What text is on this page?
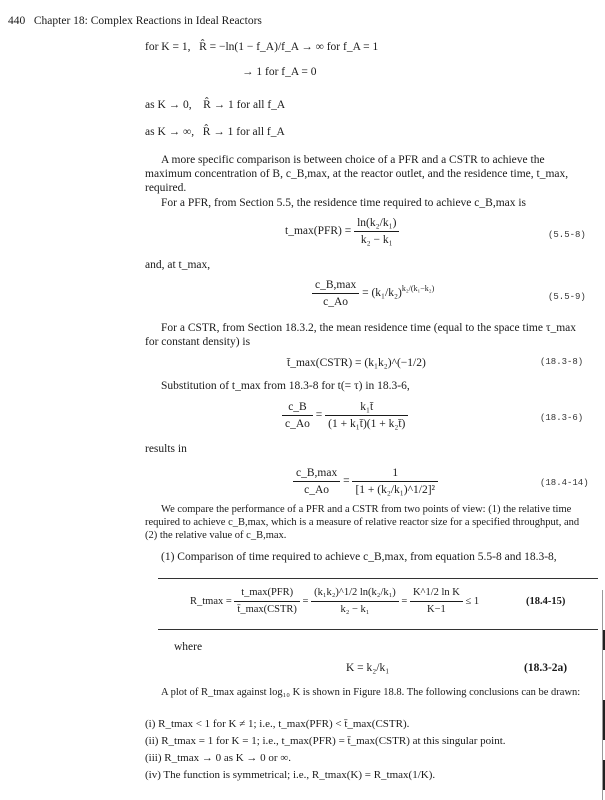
440 Chapter 18: Complex Reactions in Ideal Reactors
for K = 1, R̂ = −ln(1 − f_A)/f_A → ∞ for f_A = 1
→ 1 for f_A = 0
as K → 0, R̂ → 1 for all f_A
as K → ∞, R̂ → 1 for all f_A
A more specific comparison is between choice of a PFR and a CSTR to achieve the maximum concentration of B, c_B,max, at the reactor outlet, and the residence time, t_max, required.
For a PFR, from Section 5.5, the residence time required to achieve c_B,max is
t_max(PFR) = $\frac{\text{ln(k₂/k₁)}}{\text{k₂ − k₁}}$	(5.5-8)
and, at t_max,
$\frac{c\_B,\max}{c\_Ao} = (k_1/k_2)^{k_2/(k_1-k_2)}$
(5.5-9)
For a CSTR, from Section 18.3.2, the mean residence time (equal to the space time τ_max for constant density) is
t̄_max(CSTR) = (k₁k₂)^(−1/2)	(18.3-8)
Substitution of t_max from 18.3-8 for t(= τ) in 18.3-6,
$\frac{c\_B}{c\_Ao} = \frac{\text{k₁t̄}}{\text{(1 + k₁t̄)(1 + k₂t̄)}}$	(18.3-6)
results in
$\frac{c\_B,\max}{c\_Ao} = \frac{1}{\text{[1 + (k₂/k₁)\textasciicircum{}1/2]²}}$	(18.4-14)
We compare the performance of a PFR and a CSTR from two points of view: (1) the relative time required to achieve c_B,max, which is a measure of relative reactor size for a specified throughput, and (2) the relative value of c_B,max.
(1) Comparison of time required to achieve c_B,max, from equation 5.5-8 and 18.3-8,
R_tmax = $\frac{\text{t\_max(PFR)}}{\text{t̄\_max(CSTR)}} = \frac{\text{(k₁k₂)\textasciicircum{}1/2 ln(k₂/k₁)}}{\text{k₂ − k₁}} = \frac{\text{K\textasciicircum{}1/2 ln K}}{K-1} \le 1$	(18.4-15)
where
K = k₂/k₁	(18.3-2a)
A plot of R_tmax against log₁₀ K is shown in Figure 18.8. The following conclusions can be drawn:
(i) R_tmax < 1 for K ≠ 1; i.e., t_max(PFR) < t̄_max(CSTR).
(ii) R_tmax = 1 for K = 1; i.e., t_max(PFR) = t̄_max(CSTR) at this singular point.
(iii) R_tmax → 0 as K → 0 or ∞.
(iv) The function is symmetrical; i.e., R_tmax(K) = R_tmax(1/K).
